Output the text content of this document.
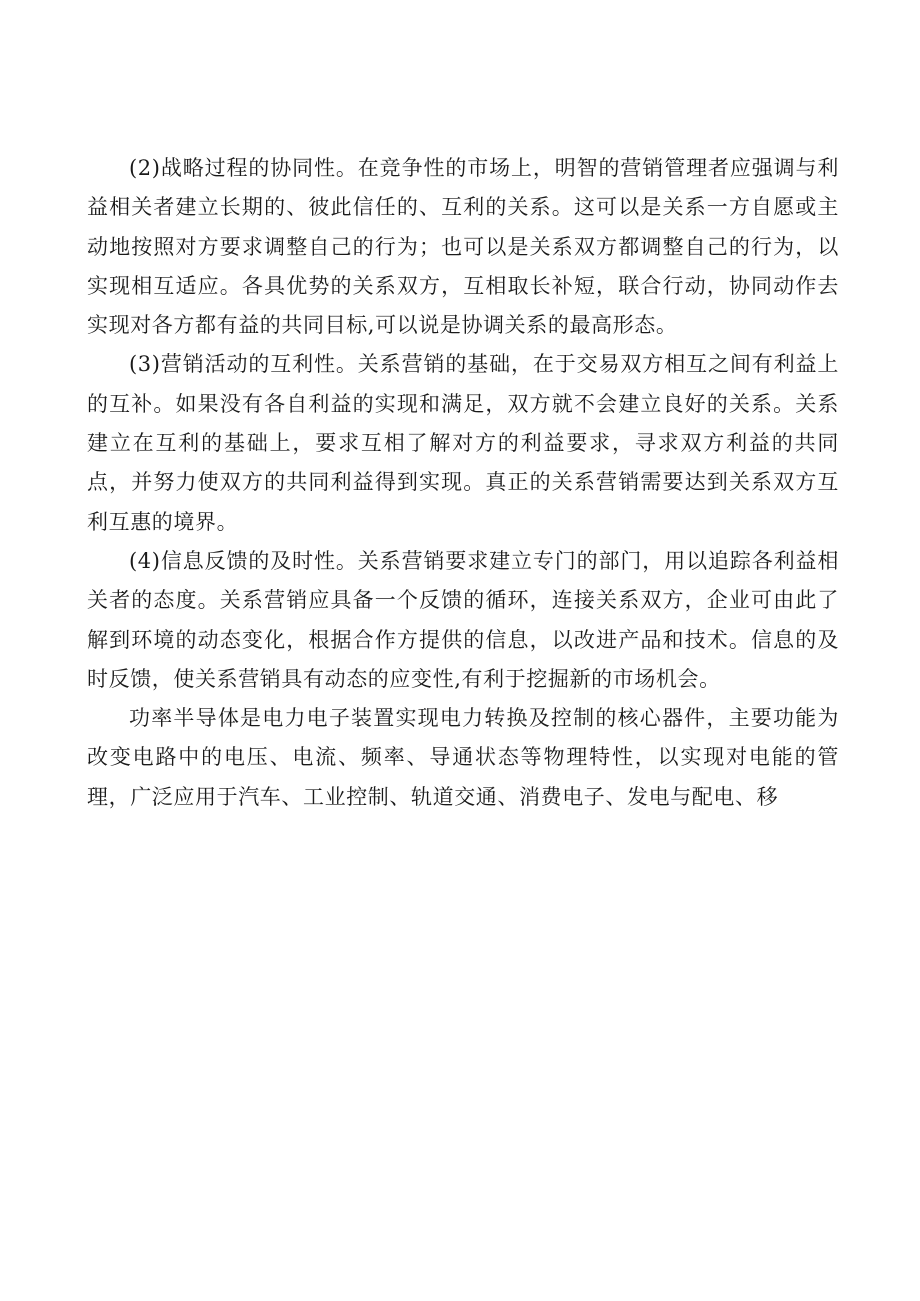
(2)战略过程的协同性。在竞争性的市场上，明智的营销管理者应强调与利益相关者建立长期的、彼此信任的、互利的关系。这可以是关系一方自愿或主动地按照对方要求调整自己的行为；也可以是关系双方都调整自己的行为，以实现相互适应。各具优势的关系双方，互相取长补短，联合行动，协同动作去实现对各方都有益的共同目标,可以说是协调关系的最高形态。

(3)营销活动的互利性。关系营销的基础，在于交易双方相互之间有利益上的互补。如果没有各自利益的实现和满足，双方就不会建立良好的关系。关系建立在互利的基础上，要求互相了解对方的利益要求，寻求双方利益的共同点，并努力使双方的共同利益得到实现。真正的关系营销需要达到关系双方互利互惠的境界。

(4)信息反馈的及时性。关系营销要求建立专门的部门，用以追踪各利益相关者的态度。关系营销应具备一个反馈的循环，连接关系双方，企业可由此了解到环境的动态变化，根据合作方提供的信息，以改进产品和技术。信息的及时反馈，使关系营销具有动态的应变性,有利于挖掘新的市场机会。

功率半导体是电力电子装置实现电力转换及控制的核心器件，主要功能为改变电路中的电压、电流、频率、导通状态等物理特性，以实现对电能的管理，广泛应用于汽车、工业控制、轨道交通、消费电子、发电与配电、移
